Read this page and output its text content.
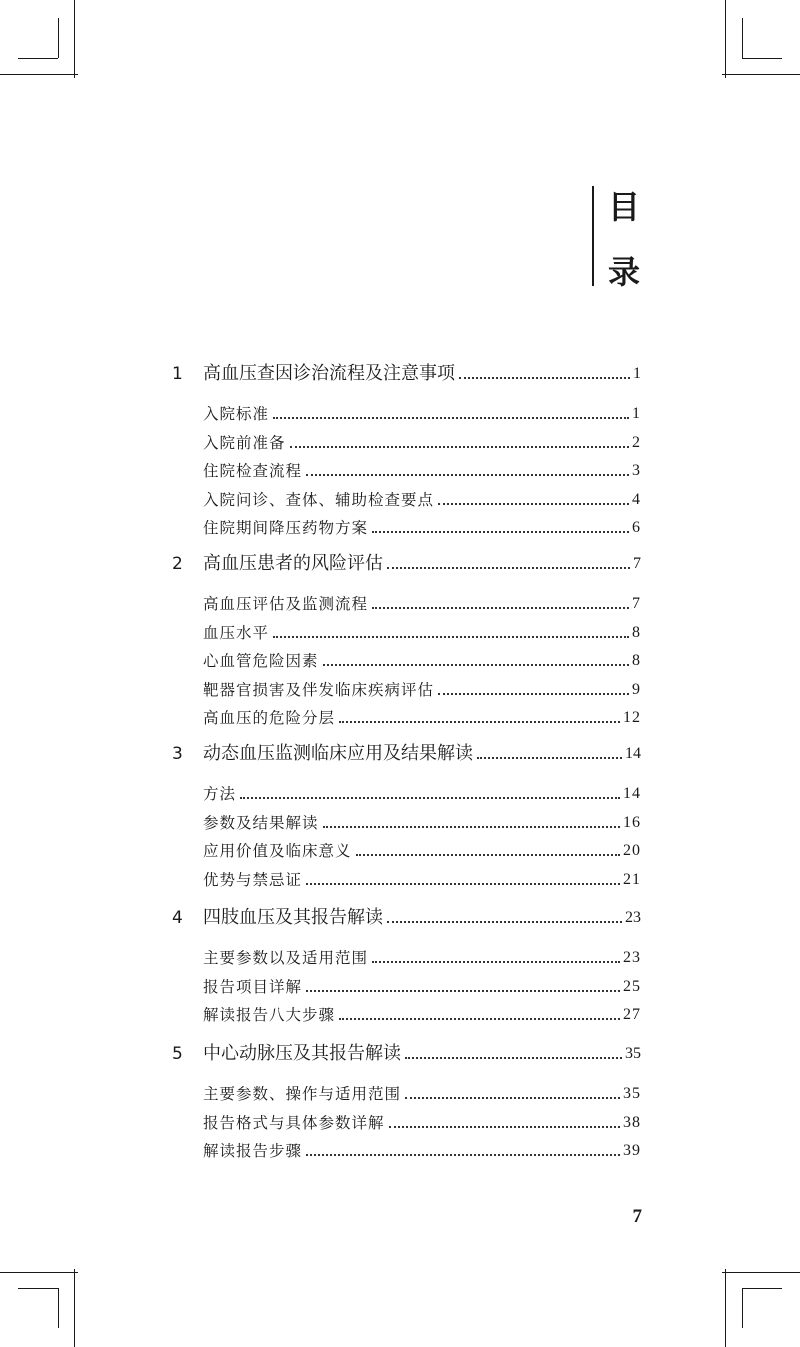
目
录
1	高血压查因诊治流程及注意事项	1
入院标准	1
入院前准备	2
住院检查流程	3
入院问诊、查体、辅助检查要点	4
住院期间降压药物方案	6
2	高血压患者的风险评估	7
高血压评估及监测流程	7
血压水平	8
心血管危险因素	8
靶器官损害及伴发临床疾病评估	9
高血压的危险分层	12
3	动态血压监测临床应用及结果解读	14
方法	14
参数及结果解读	16
应用价值及临床意义	20
优势与禁忌证	21
4	四肢血压及其报告解读	23
主要参数以及适用范围	23
报告项目详解	25
解读报告八大步骤	27
5	中心动脉压及其报告解读	35
主要参数、操作与适用范围	35
报告格式与具体参数详解	38
解读报告步骤	39
7
